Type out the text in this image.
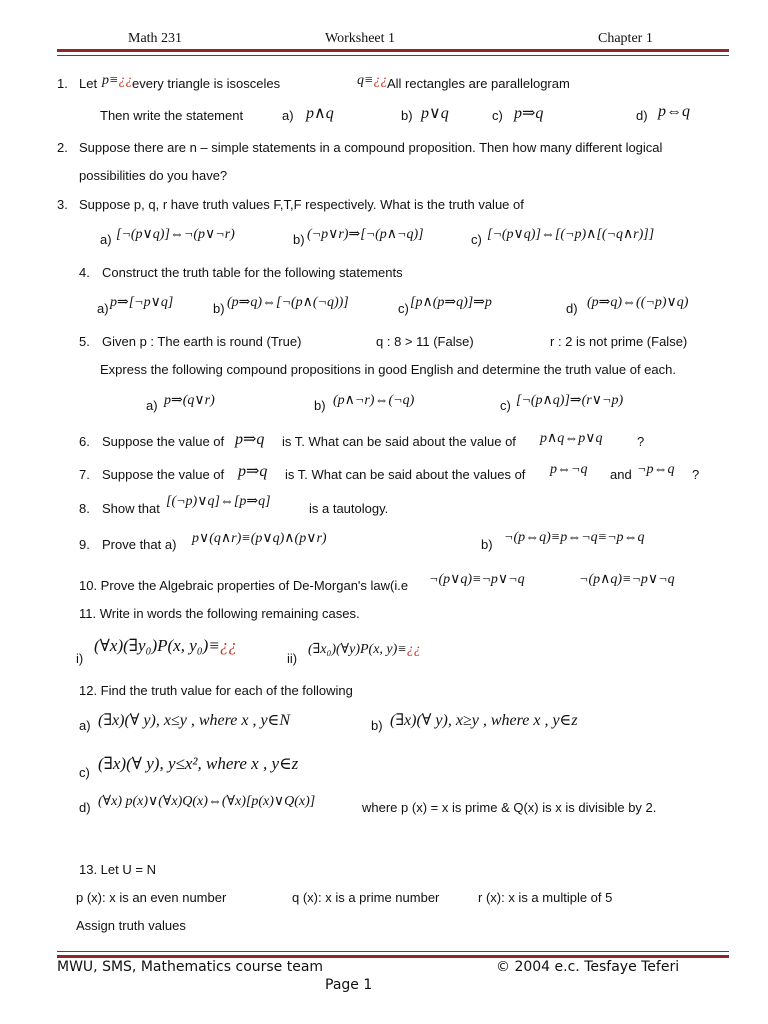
Math 231	Worksheet 1	Chapter 1
1. Let p≡¿¿ every triangle is isosceles	q≡¿¿ All rectangles are parallelogram
Then write the statement	a) p∧q	b) p∨q	c) p⇒q	d) p⇔q
2. Suppose there are n – simple statements in a compound proposition. Then how many different logical
possibilities do you have?
3. Suppose p, q, r have truth values F,T,F respectively. What is the truth value of
a) [¬(p∨q)]⇔¬(p∨¬r)	b) (¬p∨r)⇒[¬(p∧¬q)]	c) [¬(p∨q)]⇔[(¬p)∧[(¬q∧r)]]
4. Construct the truth table for the following statements
a) p⇒[¬p∨q]	b) (p⇒q)⇔[¬(p∧(¬q))]	c) [p∧(p⇒q)]⇒p	d) (p⇒q)⇔((¬p)∨q)
5. Given p : The earth is round (True)	q : 8 > 11 (False)	r : 2 is not prime (False)
Express the following compound propositions in good English and determine the truth value of each.
a) p⇒(q∨r)	b) (p∧¬r)⇔(¬q)	c) [¬(p∧q)]⇒(r∨¬p)
6. Suppose the value of p⇒q is T. What can be said about the value of p∧q⇔p∨q	?
7. Suppose the value of p⇒q is T. What can be said about the values of p⇔¬q and ¬p⇔q ?
8. Show that [(¬p)∨q]⇔[p⇒q]	is a tautology.
9. Prove that a) p∨(q∧r)≡(p∨q)∧(p∨r)	b) ¬(p⇔q)≡p⇔¬q≡¬p⇔q
10. Prove the Algebraic properties of De-Morgan's law(i.e ¬(p∨q)≡¬p∨¬q	¬(p∧q)≡¬p∨¬q
11. Write in words the following remaining cases.
i)
(∀x)(∃y₀)P(x, y₀)≡¿¿
ii)
(∃x₀)(∀y)P(x, y)≡¿¿
12. Find the truth value for each of the following
a) (∃x)(∀ y), x≤y , where x , y∈N	b) (∃x)(∀ y), x≥y , where x , y∈z
c) (∃x)(∀ y), y≤x², where x , y∈z
d) (∀x) p(x)∨(∀x)Q(x)⇔(∀x)[p(x)∨Q(x)]	where p (x) = x is prime & Q(x) is x is divisible by 2.
13. Let U = N
p (x): x is an even number	q (x): x is a prime number	r (x): x is a multiple of 5
Assign truth values
MWU, SMS, Mathematics course team	© 2004 e.c. Tesfaye Teferi
Page 1
